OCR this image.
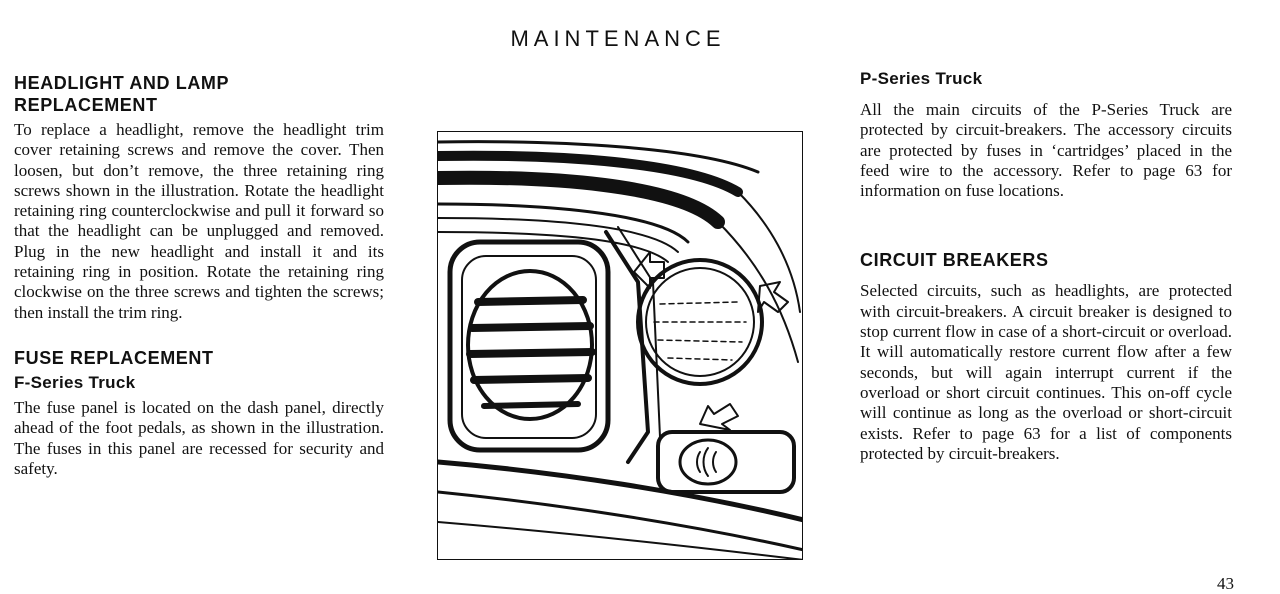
MAINTENANCE
HEADLIGHT AND LAMP
REPLACEMENT

To replace a headlight, remove the headlight trim cover retaining screws and remove the cover. Then loosen, but don’t remove, the three retaining ring screws shown in the illustration. Rotate the headlight retaining ring counterclockwise and pull it forward so that the headlight can be unplugged and removed. Plug in the new headlight and install it and its retaining ring in position. Rotate the retaining ring clockwise on the three screws and tighten the screws; then install the trim ring.

FUSE REPLACEMENT
F-Series Truck

The fuse panel is located on the dash panel, directly ahead of the foot pedals, as shown in the illustration. The fuses in this panel are recessed for security and safety.

P-Series Truck

All the main circuits of the P-Series Truck are protected by circuit-breakers. The accessory circuits are protected by fuses in ‘cartridges’ placed in the feed wire to the accessory. Refer to page 63 for information on fuse locations.

CIRCUIT BREAKERS

Selected circuits, such as headlights, are protected with circuit-breakers. A circuit breaker is designed to stop current flow in case of a short-circuit or overload. It will automatically restore current flow after a few seconds, but will again interrupt current if the overload or short circuit continues. This on-off cycle will continue as long as the overload or short-circuit exists. Refer to page 63 for a list of components protected by circuit-breakers.

43
